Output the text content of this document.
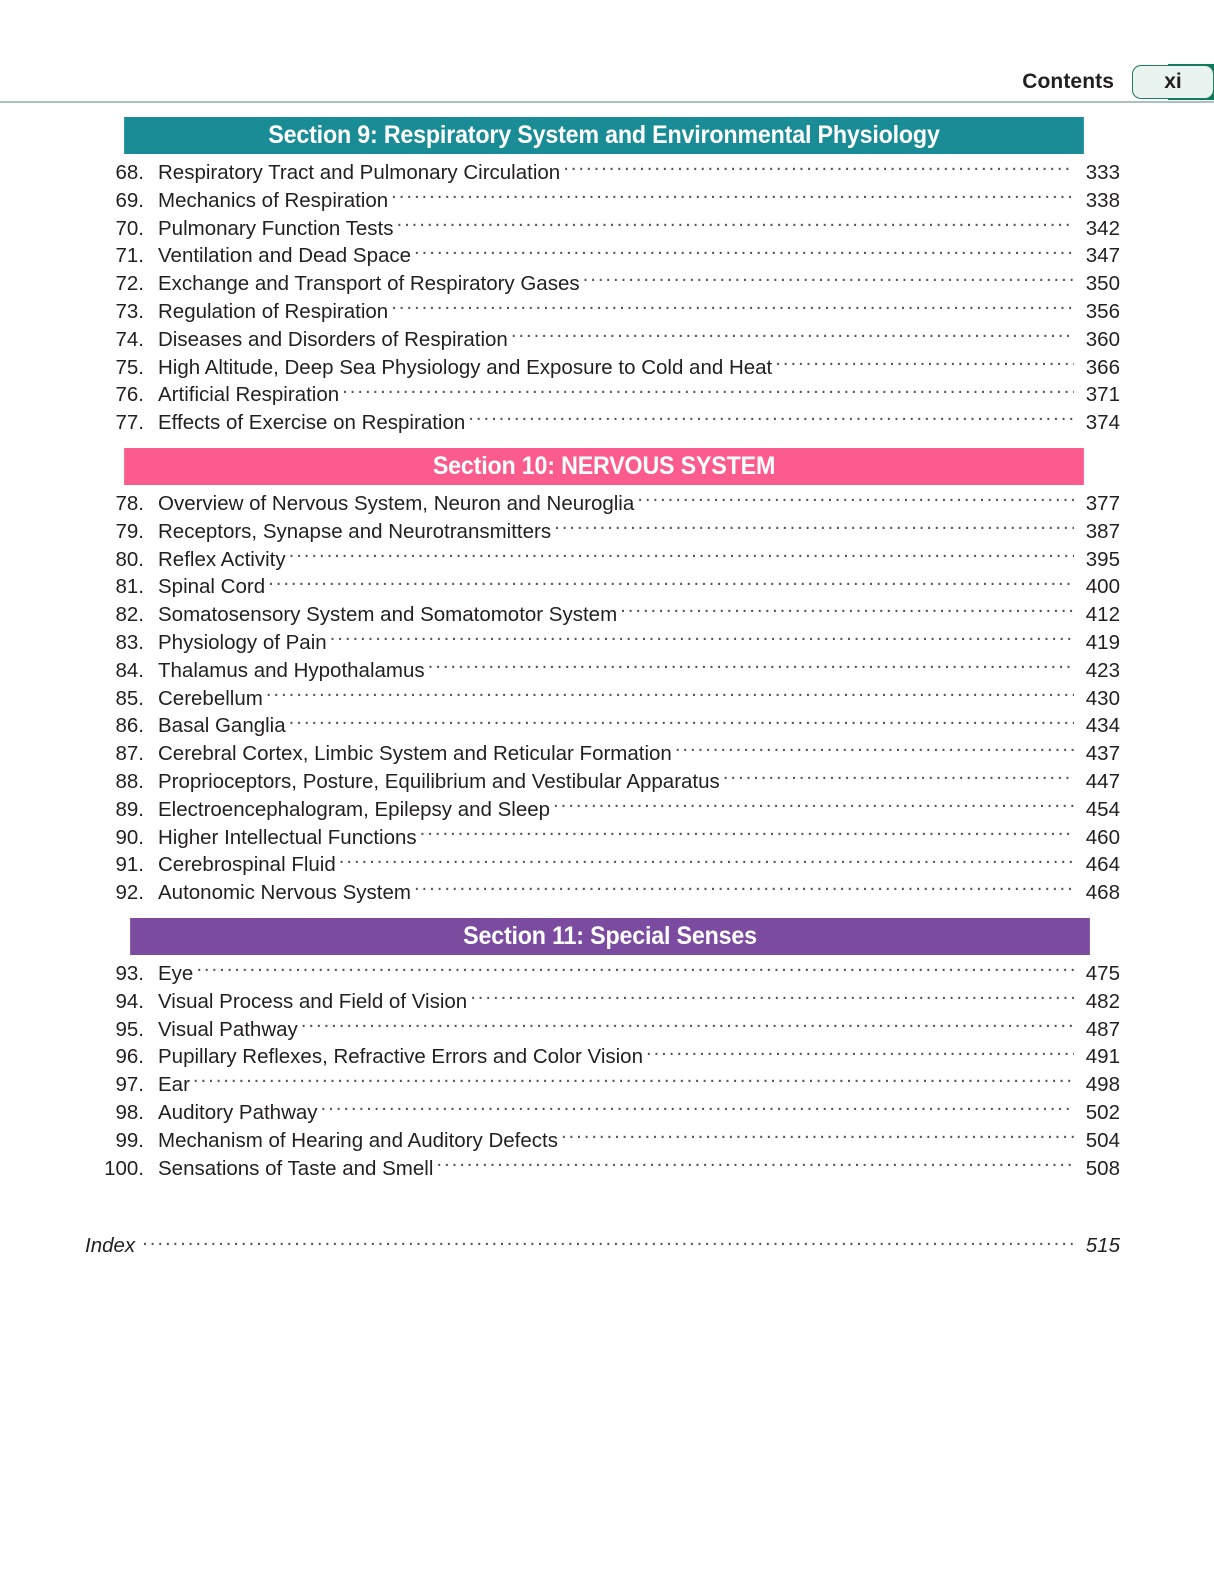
Contents	xi
Section 9: Respiratory System and Environmental Physiology
68. Respiratory Tract and Pulmonary Circulation .....	333
69. Mechanics of Respiration .....	338
70. Pulmonary Function Tests .....	342
71. Ventilation and Dead Space .....	347
72. Exchange and Transport of Respiratory Gases .....	350
73. Regulation of Respiration .....	356
74. Diseases and Disorders of Respiration .....	360
75. High Altitude, Deep Sea Physiology and Exposure to Cold and Heat .....	366
76. Artificial Respiration .....	371
77. Effects of Exercise on Respiration .....	374
Section 10: NERVOUS SYSTEM
78. Overview of Nervous System, Neuron and Neuroglia .....	377
79. Receptors, Synapse and Neurotransmitters .....	387
80. Reflex Activity .....	395
81. Spinal Cord .....	400
82. Somatosensory System and Somatomotor System .....	412
83. Physiology of Pain .....	419
84. Thalamus and Hypothalamus .....	423
85. Cerebellum .....	430
86. Basal Ganglia .....	434
87. Cerebral Cortex, Limbic System and Reticular Formation .....	437
88. Proprioceptors, Posture, Equilibrium and Vestibular Apparatus .....	447
89. Electroencephalogram, Epilepsy and Sleep .....	454
90. Higher Intellectual Functions .....	460
91. Cerebrospinal Fluid .....	464
92. Autonomic Nervous System .....	468
Section 11: Special Senses
93. Eye .....	475
94. Visual Process and Field of Vision .....	482
95. Visual Pathway .....	487
96. Pupillary Reflexes, Refractive Errors and Color Vision .....	491
97. Ear .....	498
98. Auditory Pathway .....	502
99. Mechanism of Hearing and Auditory Defects .....	504
100. Sensations of Taste and Smell .....	508
Index .....	515
